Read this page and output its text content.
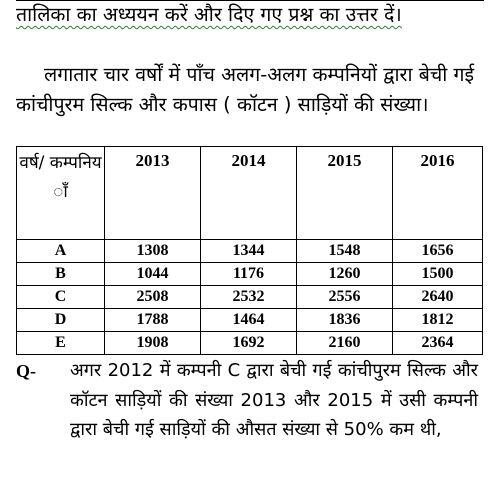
तालिका का अध्ययन करें और दिए गए प्रश्न का उत्तर दें।

लगातार चार वर्षों में पाँच अलग-अलग कम्पनियों द्वारा बेची गई कांचीपुरम सिल्क और कपास ( कॉटन ) साड़ियों की संख्या।

वर्ष/ कम्पनिय ाँ	2013	2014	2015	2016
A	1308	1344	1548	1656
B	1044	1176	1260	1500
C	2508	2532	2556	2640
D	1788	1464	1836	1812
E	1908	1692	2160	2364
Q- अगर 2012 में कम्पनी C द्वारा बेची गई कांचीपुरम सिल्क और कॉटन साड़ियों की संख्या 2013 और 2015 में उसी कम्पनी द्वारा बेची गई साड़ियों की औसत संख्या से 50% कम थी,
